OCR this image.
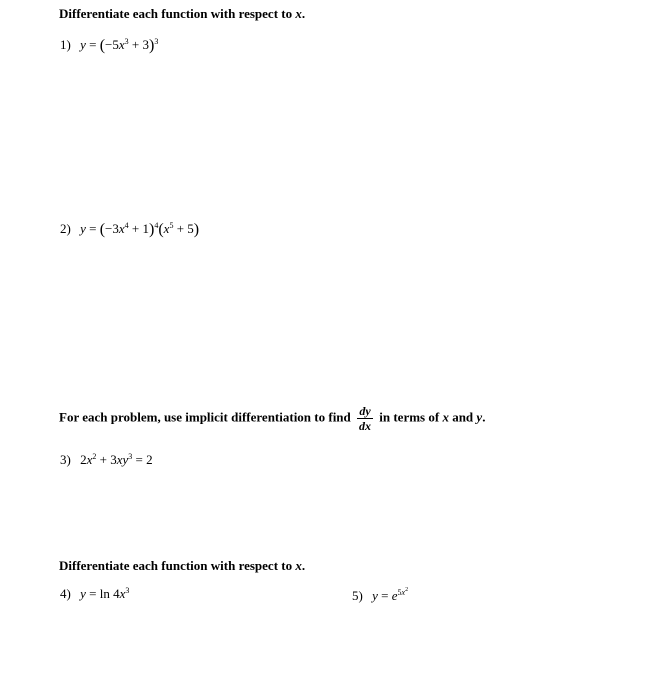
Differentiate each function with respect to x.
1) $y = (-5x^3 + 3)^3$
2) $y = (-3x^4 + 1)^4(x^5 + 5)$
For each problem, use implicit differentiation to find $\frac{dy}{dx}$ in terms of x and y.
3) $2x^2 + 3xy^3 = 2$
Differentiate each function with respect to x.
4) $y = \ln 4x^3$	5) $y = e^{5x^2}$
